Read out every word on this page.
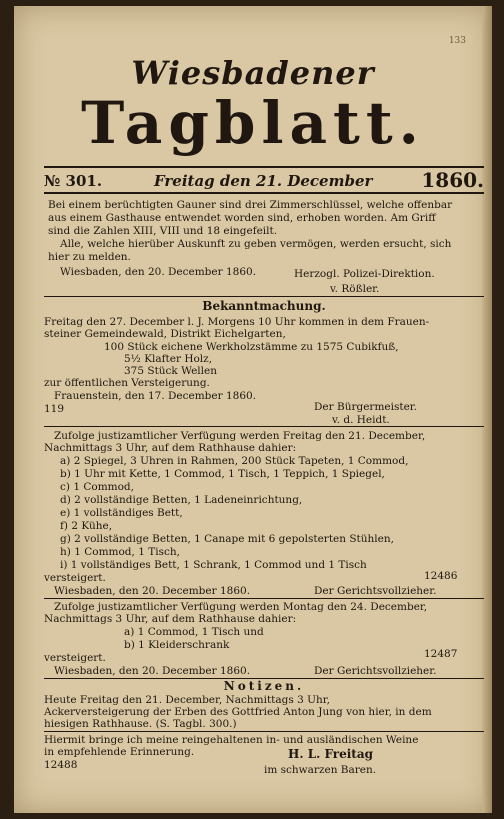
133
Wiesbadener
Tagblatt.
№ 301.	Freitag den 21. December 1860.
Bei einem berüchtigten Gauner sind drei Zimmerschlüssel, welche offenbar
aus einem Gasthause entwendet worden sind, erhoben worden. Am Griff
sind die Zahlen XIII, VIII und 18 eingefeilt.
Alle, welche hierüber Auskunft zu geben vermögen, werden ersucht, sich
hier zu melden.
Wiesbaden, den 20. December 1860.	Herzogl. Polizei-Direktion.
v. Rößler.
Bekanntmachung.
Freitag den 27. December l. J. Morgens 10 Uhr kommen in dem Frauen-
steiner Gemeindewald, Distrikt Eichelgarten,
100 Stück eichene Werkholzstämme zu 1575 Cubikfuß,
5½ Klafter Holz,
375 Stück Wellen
zur öffentlichen Versteigerung.
Frauenstein, den 17. December 1860.
119	Der Bürgermeister.
v. d. Heidt.
Zufolge justizamtlicher Verfügung werden Freitag den 21. December,
Nachmittags 3 Uhr, auf dem Rathhause dahier:
a) 2 Spiegel, 3 Uhren in Rahmen, 200 Stück Tapeten, 1 Commod,
b) 1 Uhr mit Kette, 1 Commod, 1 Tisch, 1 Teppich, 1 Spiegel,
c) 1 Commod,
d) 2 vollständige Betten, 1 Ladeneinrichtung,
e) 1 vollständiges Bett,
f) 2 Kühe,
g) 2 vollständige Betten, 1 Canape mit 6 gepolsterten Stühlen,
h) 1 Commod, 1 Tisch,
i) 1 vollständiges Bett, 1 Schrank, 1 Commod und 1 Tisch
versteigert.	12486
Wiesbaden, den 20. December 1860.	Der Gerichtsvollzieher.
Zufolge justizamtlicher Verfügung werden Montag den 24. December,
Nachmittags 3 Uhr, auf dem Rathhause dahier:
a) 1 Commod, 1 Tisch und
b) 1 Kleiderschrank
versteigert.	12487
Wiesbaden, den 20. December 1860.	Der Gerichtsvollzieher.
Notizen.
Heute Freitag den 21. December, Nachmittags 3 Uhr,
Ackerversteigerung der Erben des Gottfried Anton Jung von hier, in dem
hiesigen Rathhause. (S. Tagbl. 300.)
Hiermit bringe ich meine reingehaltenen in- und ausländischen Weine
in empfehlende Erinnerung.
12488
H. L. Freitag
im schwarzen Baren.
